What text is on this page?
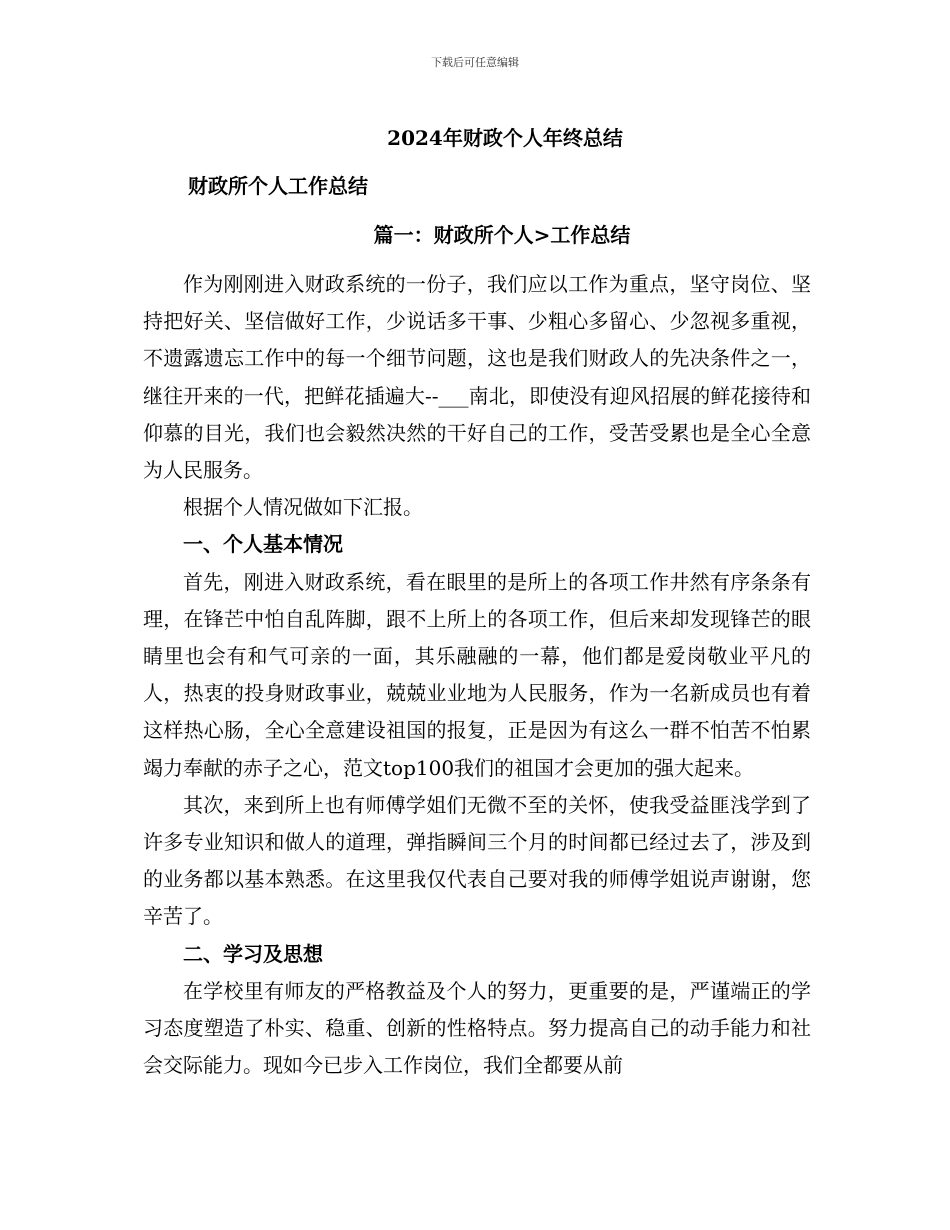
下载后可任意编辑
2024年财政个人年终总结
财政所个人工作总结
篇一：财政所个人>工作总结

作为刚刚进入财政系统的一份子，我们应以工作为重点，坚守岗位、坚持把好关、坚信做好工作，少说话多干事、少粗心多留心、少忽视多重视，不遗露遗忘工作中的每一个细节问题，这也是我们财政人的先决条件之一，继往开来的一代，把鲜花插遍大--___南北，即使没有迎风招展的鲜花接待和仰慕的目光，我们也会毅然决然的干好自己的工作，受苦受累也是全心全意为人民服务。

根据个人情况做如下汇报。

一、个人基本情况

首先，刚进入财政系统，看在眼里的是所上的各项工作井然有序条条有理，在锋芒中怕自乱阵脚，跟不上所上的各项工作，但后来却发现锋芒的眼睛里也会有和气可亲的一面，其乐融融的一幕，他们都是爱岗敬业平凡的人，热衷的投身财政事业，兢兢业业地为人民服务，作为一名新成员也有着这样热心肠，全心全意建设祖国的报复，正是因为有这么一群不怕苦不怕累竭力奉献的赤子之心，范文top100我们的祖国才会更加的强大起来。

其次，来到所上也有师傅学姐们无微不至的关怀，使我受益匪浅学到了许多专业知识和做人的道理，弹指瞬间三个月的时间都已经过去了，涉及到的业务都以基本熟悉。在这里我仅代表自己要对我的师傅学姐说声谢谢，您辛苦了。

二、学习及思想

在学校里有师友的严格教益及个人的努力，更重要的是，严谨端正的学习态度塑造了朴实、稳重、创新的性格特点。努力提高自己的动手能力和社会交际能力。现如今已步入工作岗位，我们全都要从前
